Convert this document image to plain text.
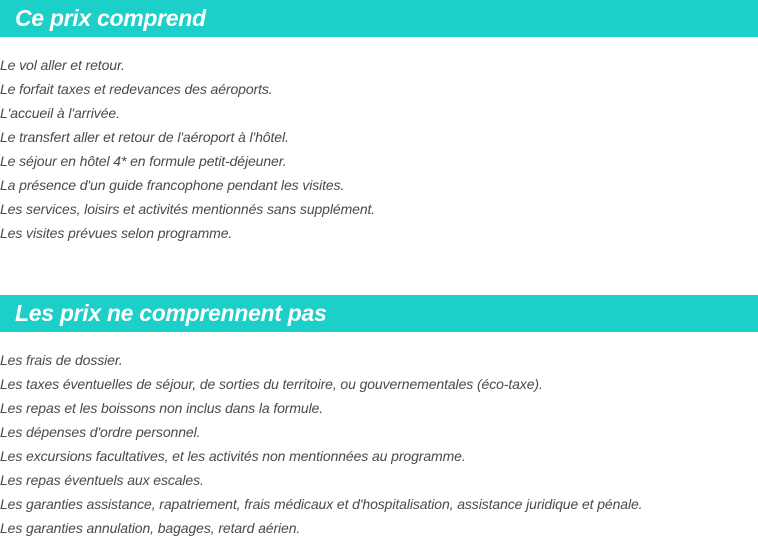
Ce prix comprend
Le vol aller et retour.
Le forfait taxes et redevances des aéroports.
L'accueil à l'arrivée.
Le transfert aller et retour de l'aéroport à l'hôtel.
Le séjour en hôtel 4* en formule petit-déjeuner.
La présence d'un guide francophone pendant les visites.
Les services, loisirs et activités mentionnés sans supplément.
Les visites prévues selon programme.
Les prix ne comprennent pas
Les frais de dossier.
Les taxes éventuelles de séjour, de sorties du territoire, ou gouvernementales (éco-taxe).
Les repas et les boissons non inclus dans la formule.
Les dépenses d'ordre personnel.
Les excursions facultatives, et les activités non mentionnées au programme.
Les repas éventuels aux escales.
Les garanties assistance, rapatriement, frais médicaux et d'hospitalisation, assistance juridique et pénale.
Les garanties annulation, bagages, retard aérien.
